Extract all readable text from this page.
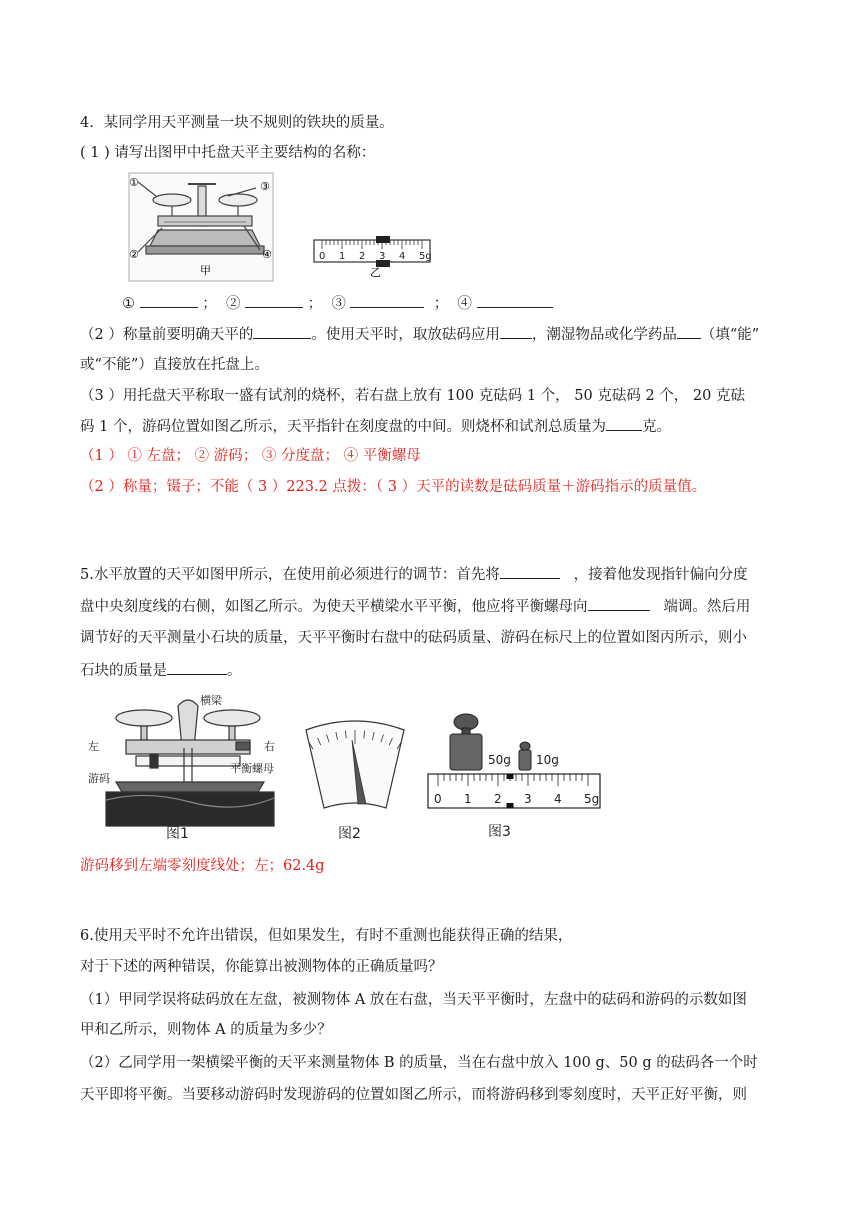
4．某同学用天平测量一块不规则的铁块的质量。
( 1 ) 请写出图甲中托盘天平主要结构的名称：
①	③
②	④
甲
0 1 2 3 4 5g
乙
①	； ②	； ③	； ④
（2 ）称量前要明确天平的	。使用天平时，取放砝码应用 ，潮湿物品或化学药品 （填“能”
或“不能”）直接放在托盘上。
（3 ）用托盘天平称取一盛有试剂的烧杯，若右盘上放有 100 克砝码 1 个， 50 克砝码 2 个， 20 克砝
码 1 个，游码位置如图乙所示，天平指针在刻度盘的中间。则烧杯和试剂总质量为 克。
（1 ） ① 左盘； ② 游码； ③ 分度盘； ④ 平衡螺母
（2 ）称量；镊子；不能（ 3 ）223.2 点拨：（ 3 ）天平的读数是砝码质量＋游码指示的质量值。
5.水平放置的天平如图甲所示，在使用前必须进行的调节：首先将	，接着他发现指针偏向分度
盘中央刻度线的右侧，如图乙所示。为使天平横梁水平平衡，他应将平衡螺母向	端调。然后用
调节好的天平测量小石块的质量，天平平衡时右盘中的砝码质量、游码在标尺上的位置如图丙所示，则小
石块的质量是	。
横梁
左	右
游码
平衡螺母
图1	图2
50g 10g
0 1 2 3 4 5g
图3
游码移到左端零刻度线处；左；62.4g
6.使用天平时不允许出错误，但如果发生，有时不重测也能获得正确的结果，
对于下述的两种错误，你能算出被测物体的正确质量吗？
（1）甲同学误将砝码放在左盘，被测物体 A 放在右盘，当天平平衡时，左盘中的砝码和游码的示数如图
甲和乙所示，则物体 A 的质量为多少？
（2）乙同学用一架横梁平衡的天平来测量物体 B 的质量，当在右盘中放入 100 g、50 g 的砝码各一个时
天平即将平衡。当要移动游码时发现游码的位置如图乙所示，而将游码移到零刻度时，天平正好平衡，则
